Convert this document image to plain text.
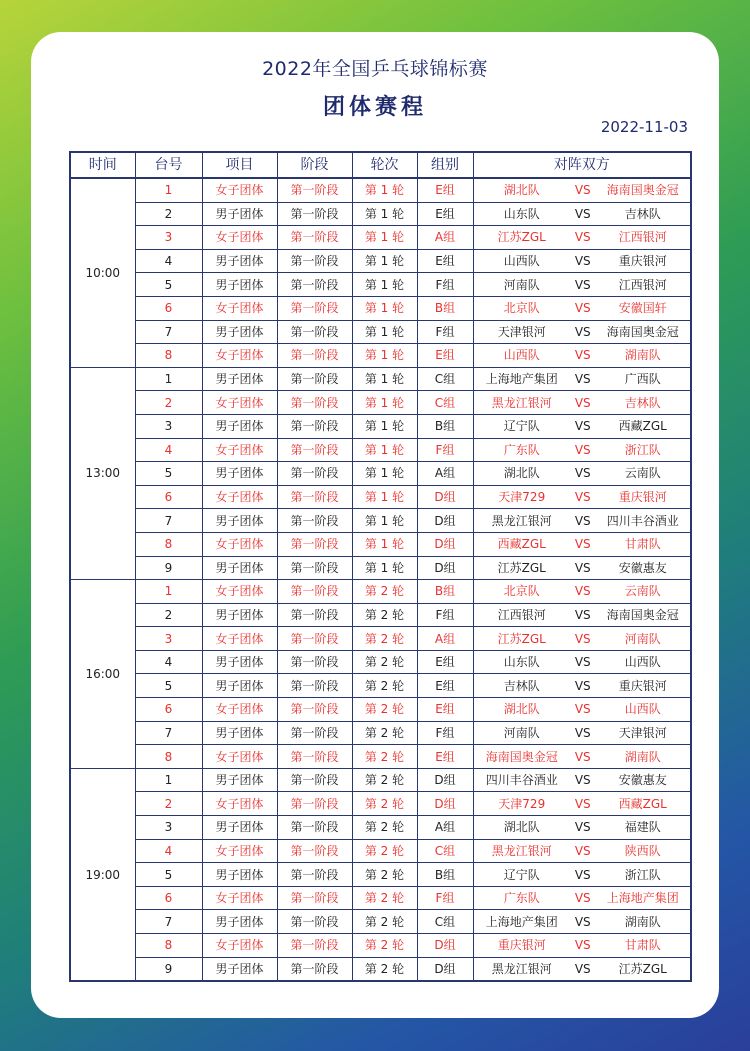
2022年全国乒乓球锦标赛
团体赛程
2022-11-03
时间	台号	项目	阶段	轮次	组别	对阵双方
10:00	1	女子团体	第一阶段	第 1 轮	E组	湖北队 VS 海南国奥金冠
	2	男子团体	第一阶段	第 1 轮	E组	山东队 VS 吉林队
	3	女子团体	第一阶段	第 1 轮	A组	江苏ZGL VS 江西银河
	4	男子团体	第一阶段	第 1 轮	E组	山西队 VS 重庆银河
	5	男子团体	第一阶段	第 1 轮	F组	河南队 VS 江西银河
	6	女子团体	第一阶段	第 1 轮	B组	北京队 VS 安徽国轩
	7	男子团体	第一阶段	第 1 轮	F组	天津银河 VS 海南国奥金冠
	8	女子团体	第一阶段	第 1 轮	E组	山西队 VS 湖南队
13:00	1	男子团体	第一阶段	第 1 轮	C组	上海地产集团 VS 广西队
	2	女子团体	第一阶段	第 1 轮	C组	黑龙江银河 VS 吉林队
	3	男子团体	第一阶段	第 1 轮	B组	辽宁队 VS 西藏ZGL
	4	女子团体	第一阶段	第 1 轮	F组	广东队 VS 浙江队
	5	男子团体	第一阶段	第 1 轮	A组	湖北队 VS 云南队
	6	女子团体	第一阶段	第 1 轮	D组	天津729 VS 重庆银河
	7	男子团体	第一阶段	第 1 轮	D组	黑龙江银河 VS 四川丰谷酒业
	8	女子团体	第一阶段	第 1 轮	D组	西藏ZGL VS 甘肃队
	9	男子团体	第一阶段	第 1 轮	D组	江苏ZGL VS 安徽惠友
16:00	1	女子团体	第一阶段	第 2 轮	B组	北京队 VS 云南队
	2	男子团体	第一阶段	第 2 轮	F组	江西银河 VS 海南国奥金冠
	3	女子团体	第一阶段	第 2 轮	A组	江苏ZGL VS 河南队
	4	男子团体	第一阶段	第 2 轮	E组	山东队 VS 山西队
	5	男子团体	第一阶段	第 2 轮	E组	吉林队 VS 重庆银河
	6	女子团体	第一阶段	第 2 轮	E组	湖北队 VS 山西队
	7	男子团体	第一阶段	第 2 轮	F组	河南队 VS 天津银河
	8	女子团体	第一阶段	第 2 轮	E组	海南国奥金冠 VS 湖南队
19:00	1	男子团体	第一阶段	第 2 轮	D组	四川丰谷酒业 VS 安徽惠友
	2	女子团体	第一阶段	第 2 轮	D组	天津729 VS 西藏ZGL
	3	男子团体	第一阶段	第 2 轮	A组	湖北队 VS 福建队
	4	女子团体	第一阶段	第 2 轮	C组	黑龙江银河 VS 陕西队
	5	男子团体	第一阶段	第 2 轮	B组	辽宁队 VS 浙江队
	6	女子团体	第一阶段	第 2 轮	F组	广东队 VS 上海地产集团
	7	男子团体	第一阶段	第 2 轮	C组	上海地产集团 VS 湖南队
	8	女子团体	第一阶段	第 2 轮	D组	重庆银河 VS 甘肃队
	9	男子团体	第一阶段	第 2 轮	D组	黑龙江银河 VS 江苏ZGL
